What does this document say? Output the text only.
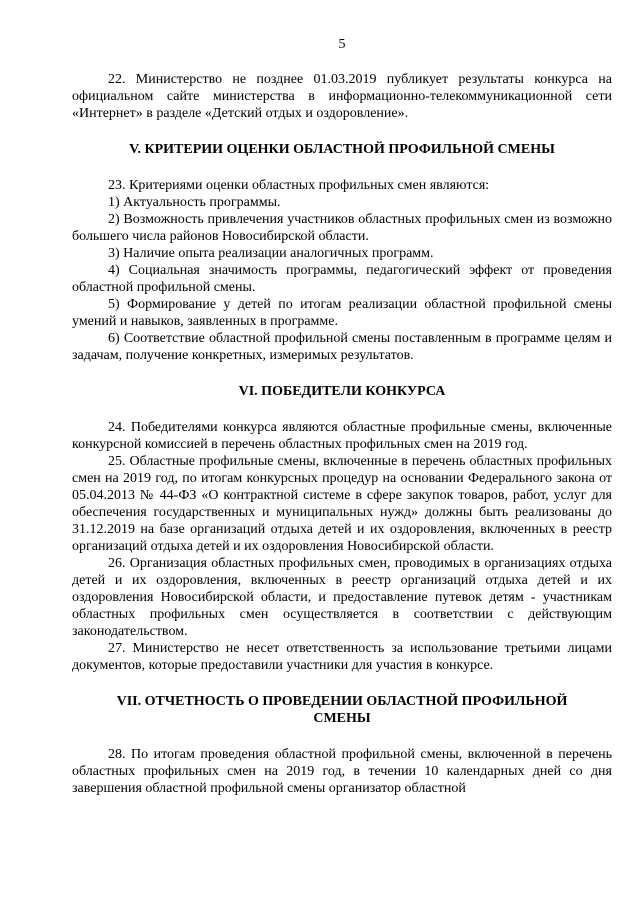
5

22. Министерство не позднее 01.03.2019 публикует результаты конкурса на официальном сайте министерства в информационно-телекоммуникационной сети «Интернет» в разделе «Детский отдых и оздоровление».

V. КРИТЕРИИ ОЦЕНКИ ОБЛАСТНОЙ ПРОФИЛЬНОЙ СМЕНЫ

23. Критериями оценки областных профильных смен являются:

1) Актуальность программы.

2) Возможность привлечения участников областных профильных смен из возможно большего числа районов Новосибирской области.

3) Наличие опыта реализации аналогичных программ.

4) Социальная значимость программы, педагогический эффект от проведения областной профильной смены.

5) Формирование у детей по итогам реализации областной профильной смены умений и навыков, заявленных в программе.

6) Соответствие областной профильной смены поставленным в программе целям и задачам, получение конкретных, измеримых результатов.

VI. ПОБЕДИТЕЛИ КОНКУРСА

24. Победителями конкурса являются областные профильные смены, включенные конкурсной комиссией в перечень областных профильных смен на 2019 год.

25. Областные профильные смены, включенные в перечень областных профильных смен на 2019 год, по итогам конкурсных процедур на основании Федерального закона от 05.04.2013 № 44-ФЗ «О контрактной системе в сфере закупок товаров, работ, услуг для обеспечения государственных и муниципальных нужд» должны быть реализованы до 31.12.2019 на базе организаций отдыха детей и их оздоровления, включенных в реестр организаций отдыха детей и их оздоровления Новосибирской области.

26. Организация областных профильных смен, проводимых в организациях отдыха детей и их оздоровления, включенных в реестр организаций отдыха детей и их оздоровления Новосибирской области, и предоставление путевок детям - участникам областных профильных смен осуществляется в соответствии с действующим законодательством.

27. Министерство не несет ответственность за использование третьими лицами документов, которые предоставили участники для участия в конкурсе.

VII. ОТЧЕТНОСТЬ О ПРОВЕДЕНИИ ОБЛАСТНОЙ ПРОФИЛЬНОЙ
СМЕНЫ

28. По итогам проведения областной профильной смены, включенной в перечень областных профильных смен на 2019 год, в течении 10 календарных дней со дня завершения областной профильной смены организатор областной
